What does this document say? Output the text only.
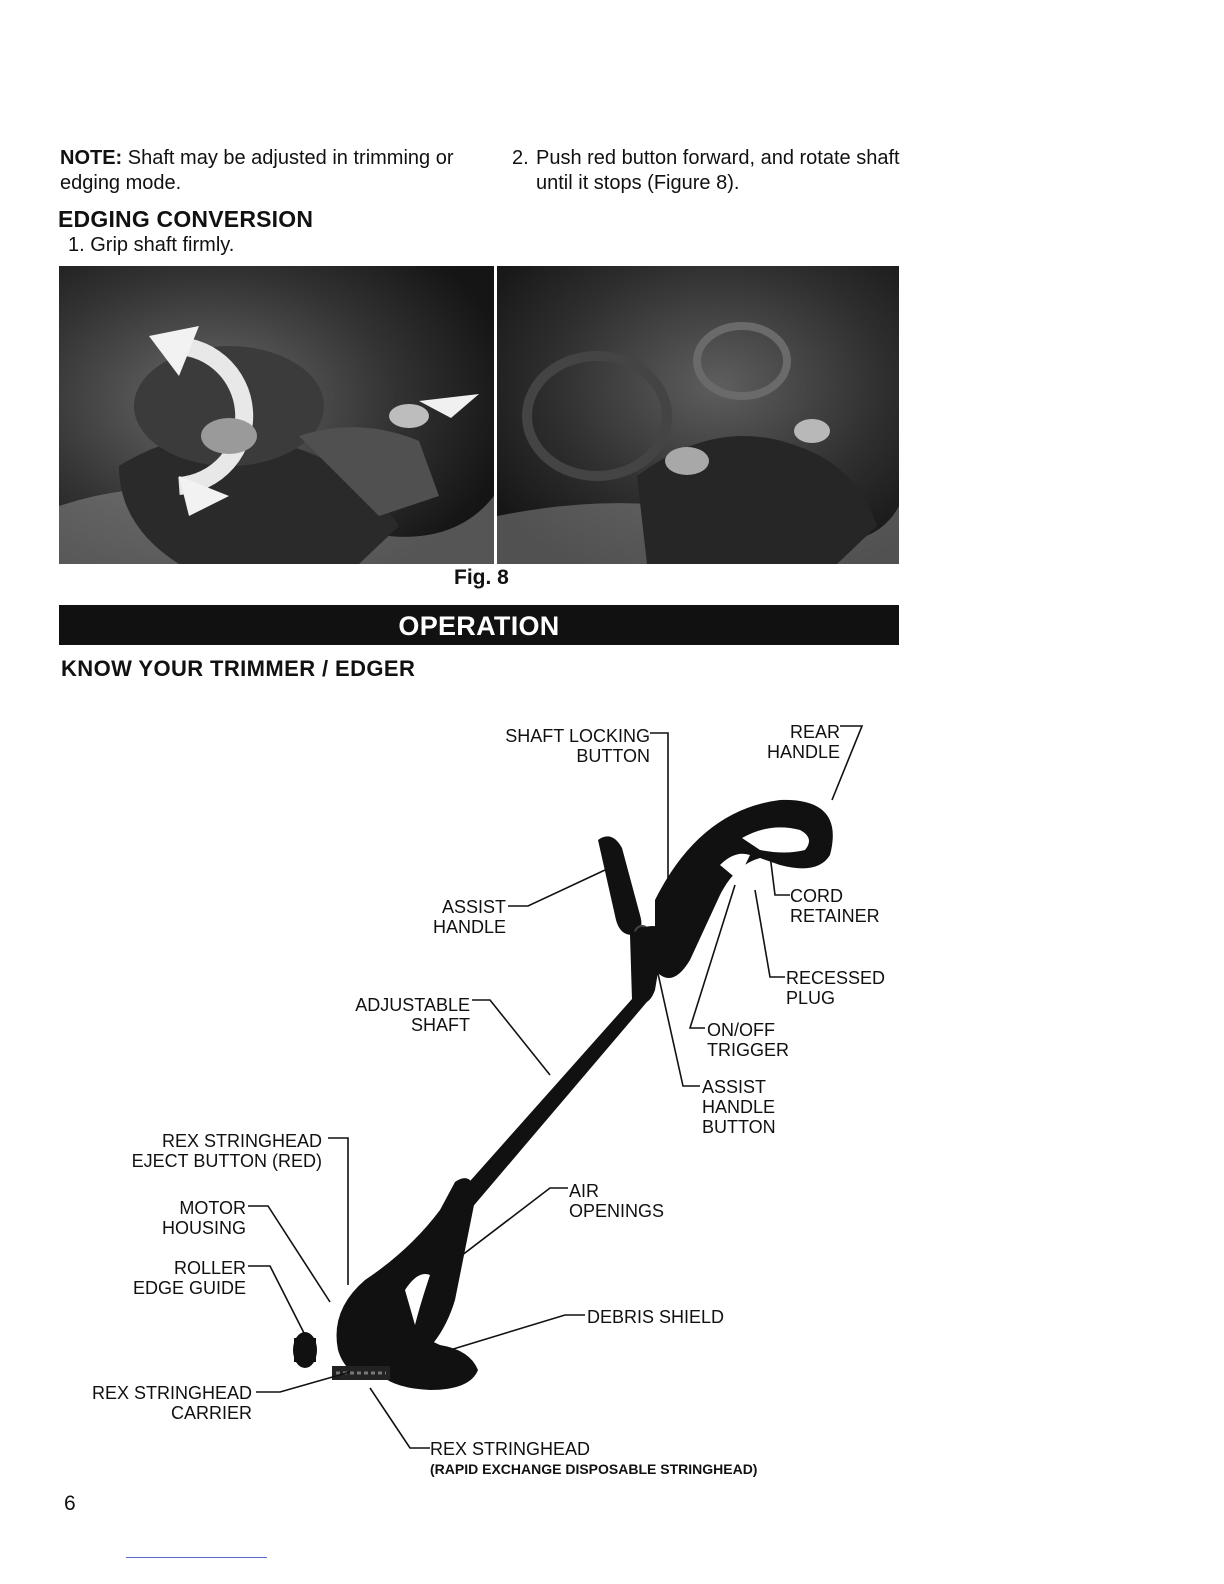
NOTE: Shaft may be adjusted in trimming or edging mode.
2. Push red button forward, and rotate shaft until it stops (Figure 8).
EDGING CONVERSION
1. Grip shaft firmly.
Fig. 8
OPERATION
KNOW YOUR TRIMMER / EDGER
SHAFT LOCKING
BUTTON
REAR
HANDLE
ASSIST
HANDLE
CORD
RETAINER
RECESSED
PLUG
ADJUSTABLE
SHAFT	ON/OFF
TRIGGER
ASSIST
HANDLE
BUTTON
REX STRINGHEAD
EJECT BUTTON (RED)
MOTOR
HOUSING
AIR
OPENINGS
ROLLER
EDGE GUIDE
DEBRIS SHIELD
REX STRINGHEAD
CARRIER
REX STRINGHEAD
(RAPID EXCHANGE DISPOSABLE STRINGHEAD)
6
